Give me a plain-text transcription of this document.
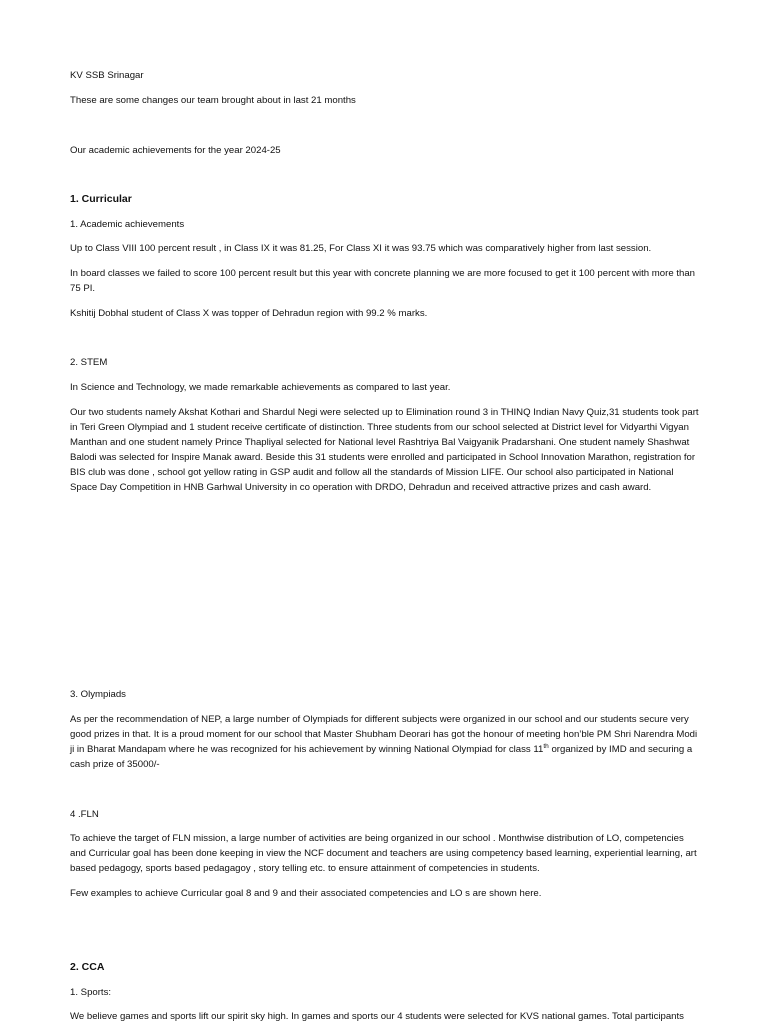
KV SSB Srinagar

These are some changes our team brought about in last 21 months

Our academic achievements for the year 2024-25

1. Curricular

1. Academic achievements

Up to Class VIII 100 percent result , in Class IX it was 81.25, For Class XI it was 93.75 which was comparatively higher from last session.

In board classes we failed to score 100 percent result but this year with concrete planning we are more focused to get it 100 percent with more than 75 PI.

Kshitij Dobhal student of Class X was topper of Dehradun region with 99.2 % marks.

2. STEM

In Science and Technology, we made remarkable achievements as compared to last year.

Our two students namely Akshat Kothari and Shardul Negi were selected up to Elimination round 3 in THINQ Indian Navy Quiz,31 students took part in Teri Green Olympiad and 1 student receive certificate of distinction. Three students from our school selected at District level for Vidyarthi Vigyan Manthan and one student namely Prince Thapliyal selected for National level Rashtriya Bal Vaigyanik Pradarshani. One student namely Shashwat Balodi was selected for Inspire Manak award. Beside this 31 students were enrolled and participated in School Innovation Marathon, registration for BIS club was done , school got yellow rating in GSP audit and follow all the standards of Mission LIFE. Our school also participated in National Space Day Competition in HNB Garhwal University in co operation with DRDO, Dehradun and received attractive prizes and cash award.

3. Olympiads

As per the recommendation of NEP, a large number of Olympiads for different subjects were organized in our school and our students secure very good prizes in that. It is a proud moment for our school that Master Shubham Deorari has got the honour of meeting hon’ble PM Shri Narendra Modi ji in Bharat Mandapam where he was recognized for his achievement by winning National Olympiad for class 11th organized by IMD and securing a cash prize of 35000/-

4 .FLN

To achieve the target of FLN mission, a large number of activities are being organized in our school . Monthwise distribution of LO, competencies and Curricular goal has been done keeping in view the NCF document and teachers are using competency based learning, experiential learning, art based pedagogy, sports based pedagagoy , story telling etc. to ensure attainment of competencies in students.

Few examples to achieve Curricular goal 8 and 9 and their associated competencies and LO s are shown here.

2. CCA

1. Sports:

We believe games and sports lift our spirit sky high. In games and sports our 4 students were selected for KVS national games. Total participants
